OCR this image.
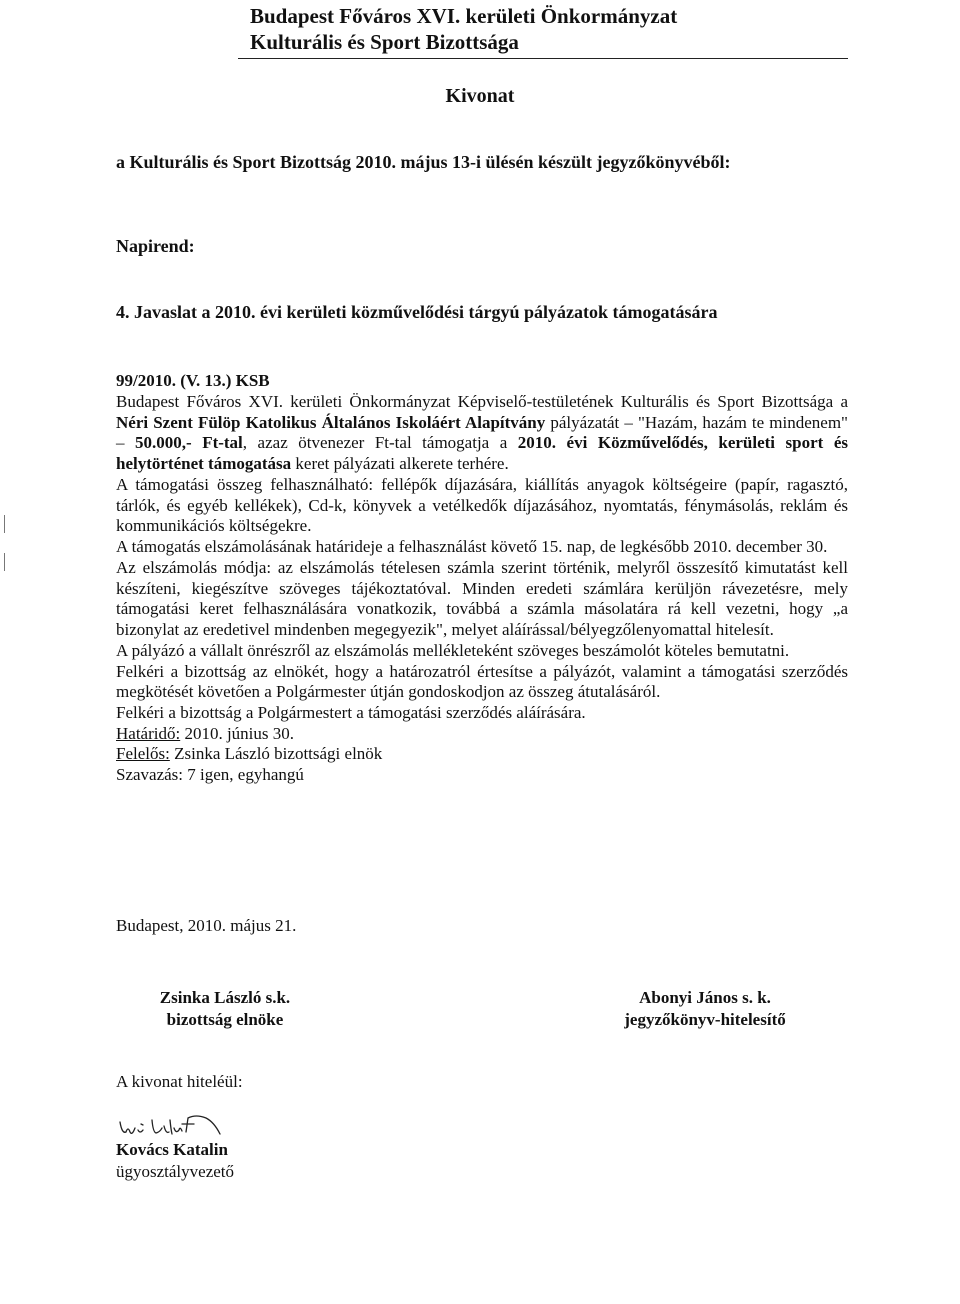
Budapest Főváros XVI. kerületi Önkormányzat
Kulturális és Sport Bizottsága
Kivonat
a Kulturális és Sport Bizottság 2010. május 13-i ülésén készült jegyzőkönyvéből:
Napirend:
4. Javaslat a 2010. évi kerületi közművelődési tárgyú pályázatok támogatására
99/2010. (V. 13.) KSB

Budapest Főváros XVI. kerületi Önkormányzat Képviselő-testületének Kulturális és Sport Bizottsága a Néri Szent Fülöp Katolikus Általános Iskoláért Alapítvány pályázatát – "Hazám, hazám te mindenem" – 50.000,- Ft-tal, azaz ötvenezer Ft-tal támogatja a 2010. évi Közművelődés, kerületi sport és helytörténet támogatása keret pályázati alkerete terhére.

A támogatási összeg felhasználható: fellépők díjazására, kiállítás anyagok költségeire (papír, ragasztó, tárlók, és egyéb kellékek), Cd-k, könyvek a vetélkedők díjazásához, nyomtatás, fénymásolás, reklám és kommunikációs költségekre.

A támogatás elszámolásának határideje a felhasználást követő 15. nap, de legkésőbb 2010. december 30.

Az elszámolás módja: az elszámolás tételesen számla szerint történik, melyről összesítő kimutatást kell készíteni, kiegészítve szöveges tájékoztatóval. Minden eredeti számlára kerüljön rávezetésre, mely támogatási keret felhasználására vonatkozik, továbbá a számla másolatára rá kell vezetni, hogy „a bizonylat az eredetivel mindenben megegyezik", melyet aláírással/bélyegzőlenyomattal hitelesít.

A pályázó a vállalt önrészről az elszámolás mellékleteként szöveges beszámolót köteles bemutatni.

Felkéri a bizottság az elnökét, hogy a határozatról értesítse a pályázót, valamint a támogatási szerződés megkötését követően a Polgármester útján gondoskodjon az összeg átutalásáról.

Felkéri a bizottság a Polgármestert a támogatási szerződés aláírására.

Határidő: 2010. június 30.

Felelős: Zsinka László bizottsági elnök

Szavazás: 7 igen, egyhangú

Budapest, 2010. május 21.
Zsinka László s.k.
bizottság elnöke
Abonyi János s. k.
jegyzőkönyv-hitelesítő
A kivonat hiteléül:
Kovács Katalin
ügyosztályvezető
